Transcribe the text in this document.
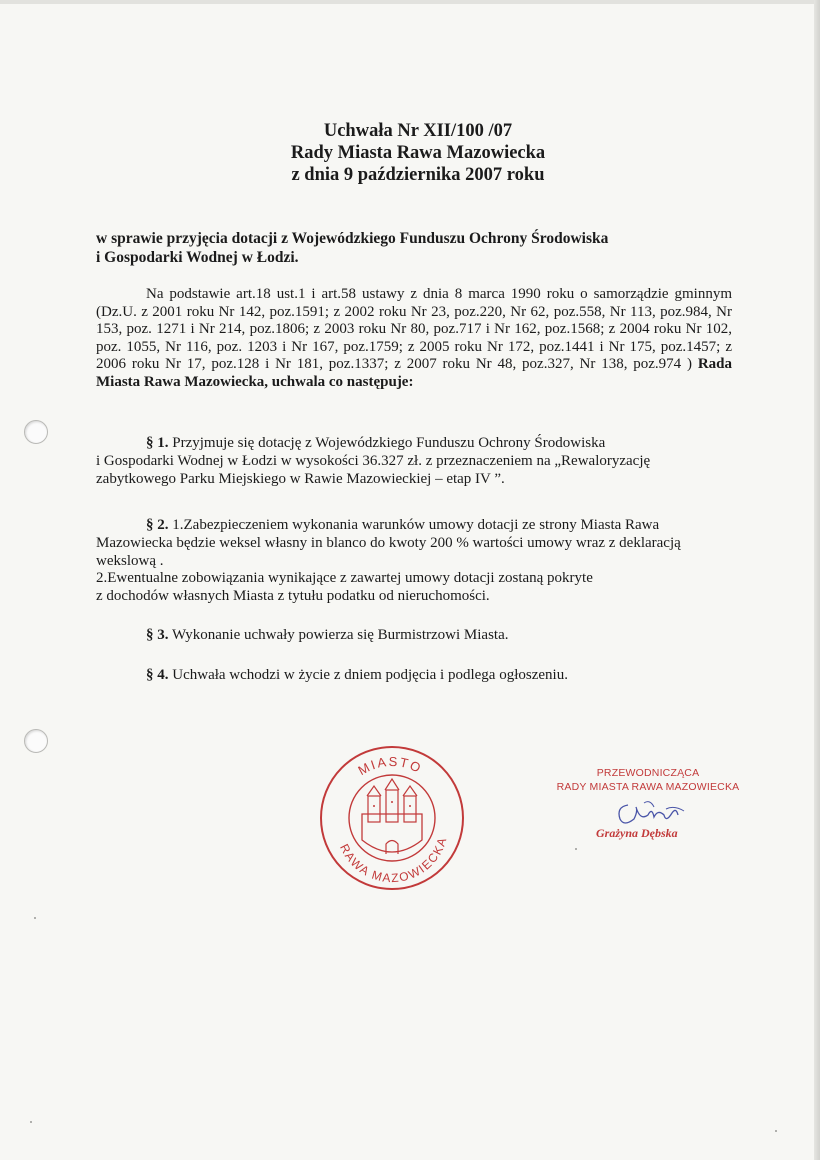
Uchwała Nr XII/100 /07
Rady Miasta Rawa Mazowiecka
z dnia 9 października 2007 roku
w sprawie przyjęcia dotacji z Wojewódzkiego Funduszu Ochrony Środowiska
i Gospodarki Wodnej w Łodzi.
Na podstawie art.18 ust.1 i art.58 ustawy z dnia 8 marca 1990 roku o samorządzie gminnym (Dz.U. z 2001 roku Nr 142, poz.1591; z 2002 roku Nr 23, poz.220, Nr 62, poz.558, Nr 113, poz.984, Nr 153, poz. 1271 i Nr 214, poz.1806; z 2003 roku Nr 80, poz.717 i Nr 162, poz.1568; z 2004 roku Nr 102, poz. 1055, Nr 116, poz. 1203 i Nr 167, poz.1759; z 2005 roku Nr 172, poz.1441 i Nr 175, poz.1457; z 2006 roku Nr 17, poz.128 i Nr 181, poz.1337; z 2007 roku Nr 48, poz.327, Nr 138, poz.974 ) Rada Miasta Rawa Mazowiecka, uchwala co następuje:
§ 1. Przyjmuje się dotację z Wojewódzkiego Funduszu Ochrony Środowiska
i Gospodarki Wodnej w Łodzi w wysokości 36.327 zł. z przeznaczeniem na „Rewaloryzację
zabytkowego Parku Miejskiego w Rawie Mazowieckiej – etap IV ”.
§ 2. 1.Zabezpieczeniem wykonania warunków umowy dotacji ze strony Miasta Rawa
Mazowiecka będzie weksel własny in blanco do kwoty 200 % wartości umowy wraz z deklaracją
wekslową .
2.Ewentualne zobowiązania wynikające z zawartej umowy dotacji zostaną pokryte
z dochodów własnych Miasta z tytułu podatku od nieruchomości.
§ 3. Wykonanie uchwały powierza się Burmistrzowi Miasta.
§ 4. Uchwała wchodzi w życie z dniem podjęcia i podlega ogłoszeniu.
MIASTO
RAWA MAZOWIECKA
PRZEWODNICZĄCA
RADY MIASTA RAWA MAZOWIECKA
Grażyna Dębska
